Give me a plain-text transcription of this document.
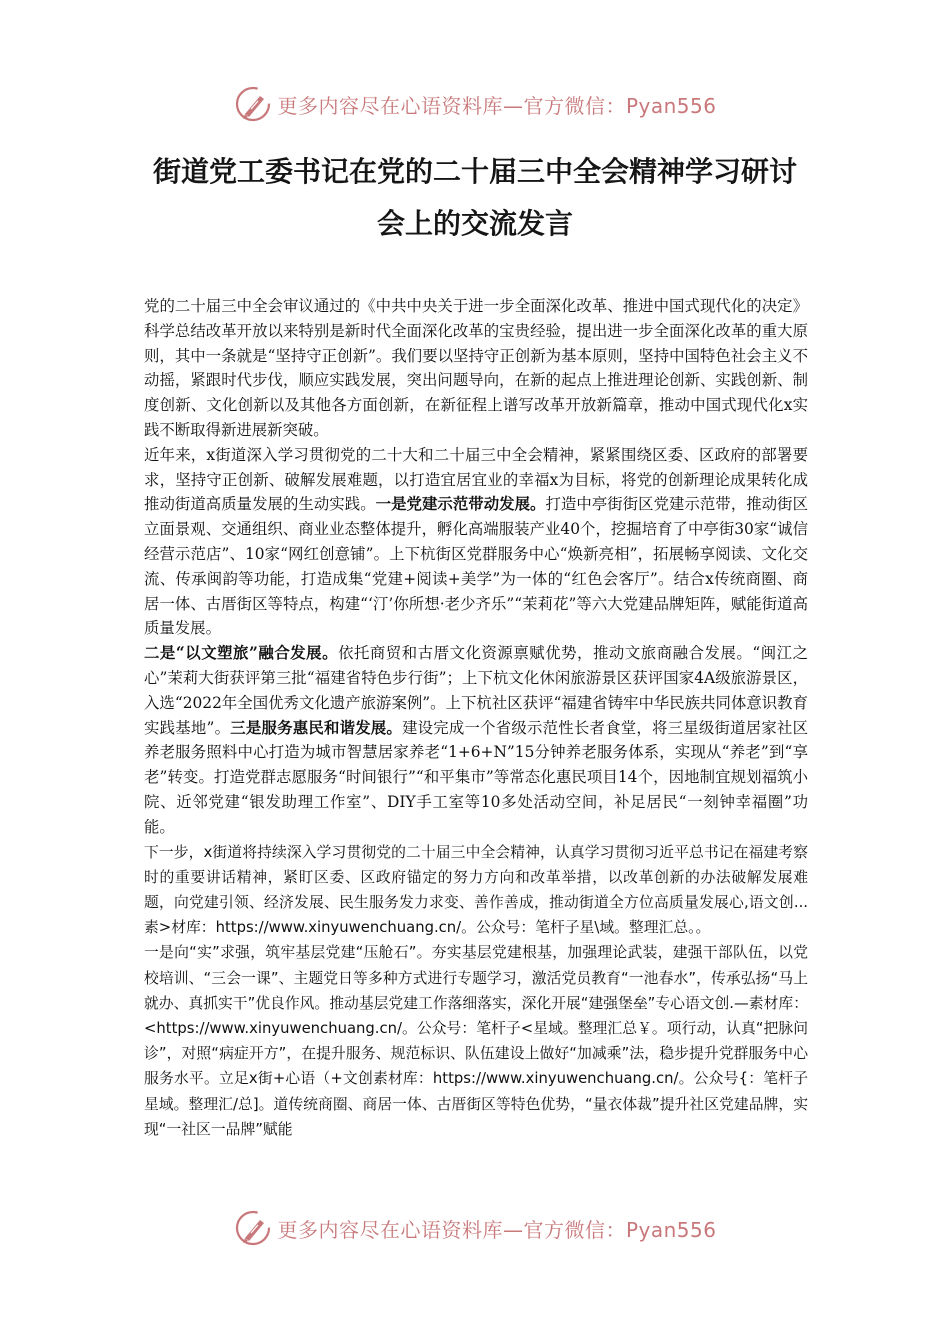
更多内容尽在心语资料库—官方微信：Pyan556
街道党工委书记在党的二十届三中全会精神学习研讨
会上的交流发言

党的二十届三中全会审议通过的《中共中央关于进一步全面深化改革、推进中国式现代化的决定》科学总结改革开放以来特别是新时代全面深化改革的宝贵经验，提出进一步全面深化改革的重大原则，其中一条就是“坚持守正创新”。我们要以坚持守正创新为基本原则，坚持中国特色社会主义不动摇，紧跟时代步伐，顺应实践发展，突出问题导向，在新的起点上推进理论创新、实践创新、制度创新、文化创新以及其他各方面创新，在新征程上谱写改革开放新篇章，推动中国式现代化x实践不断取得新进展新突破。

近年来，x街道深入学习贯彻党的二十大和二十届三中全会精神，紧紧围绕区委、区政府的部署要求，坚持守正创新、破解发展难题，以打造宜居宜业的幸福x为目标，将党的创新理论成果转化成推动街道高质量发展的生动实践。一是党建示范带动发展。打造中亭街街区党建示范带，推动街区立面景观、交通组织、商业业态整体提升，孵化高端服装产业40个，挖掘培育了中亭街30家“诚信经营示范店”、10家“网红创意铺”。上下杭街区党群服务中心“焕新亮相”，拓展畅享阅读、文化交流、传承闽韵等功能，打造成集“党建+阅读+美学”为一体的“红色会客厅”。结合x传统商圈、商居一体、古厝街区等特点，构建“‘汀’你所想·老少齐乐”“茉莉花”等六大党建品牌矩阵，赋能街道高质量发展。

二是“以文塑旅”融合发展。依托商贸和古厝文化资源禀赋优势，推动文旅商融合发展。“闽江之心”茉莉大街获评第三批“福建省特色步行街”；上下杭文化休闲旅游景区获评国家4A级旅游景区，入选“2022年全国优秀文化遗产旅游案例”。上下杭社区获评“福建省铸牢中华民族共同体意识教育实践基地”。三是服务惠民和谐发展。建设完成一个省级示范性长者食堂，将三星级街道居家社区养老服务照料中心打造为城市智慧居家养老“1+6+N”15分钟养老服务体系，实现从“养老”到“享老”转变。打造党群志愿服务“时间银行”“和平集市”等常态化惠民项目14个，因地制宜规划福筑小院、近邻党建“银发助理工作室”、DIY手工室等10多处活动空间，补足居民“一刻钟幸福圈”功能。

下一步，x街道将持续深入学习贯彻党的二十届三中全会精神，认真学习贯彻习近平总书记在福建考察时的重要讲话精神，紧盯区委、区政府锚定的努力方向和改革举措，以改革创新的办法破解发展难题，向党建引领、经济发展、民生服务发力求变、善作善成，推动街道全方位高质量发展心,语文创...素>材库：https://www.xinyuwenchuang.cn/。公众号：笔杆子星\域。整理汇总。。

一是向“实”求强，筑牢基层党建“压舱石”。夯实基层党建根基，加强理论武装，建强干部队伍，以党校培训、“三会一课”、主题党日等多种方式进行专题学习，激活党员教育“一池春水”，传承弘扬“马上就办、真抓实干”优良作风。推动基层党建工作落细落实，深化开展“建强堡垒”专心语文创.—素材库：<https://www.xinyuwenchuang.cn/。公众号：笔杆子<星域。整理汇总￥。项行动，认真“把脉问诊”，对照“病症开方”，在提升服务、规范标识、队伍建设上做好“加减乘”法，稳步提升党群服务中心服务水平。立足x街+心语（+文创素材库：https://www.xinyuwenchuang.cn/。公众号{：笔杆子星域。整理汇/总]。道传统商圈、商居一体、古厝街区等特色优势，“量衣体裁”提升社区党建品牌，实现“一社区一品牌”赋能

更多内容尽在心语资料库—官方微信：Pyan556
